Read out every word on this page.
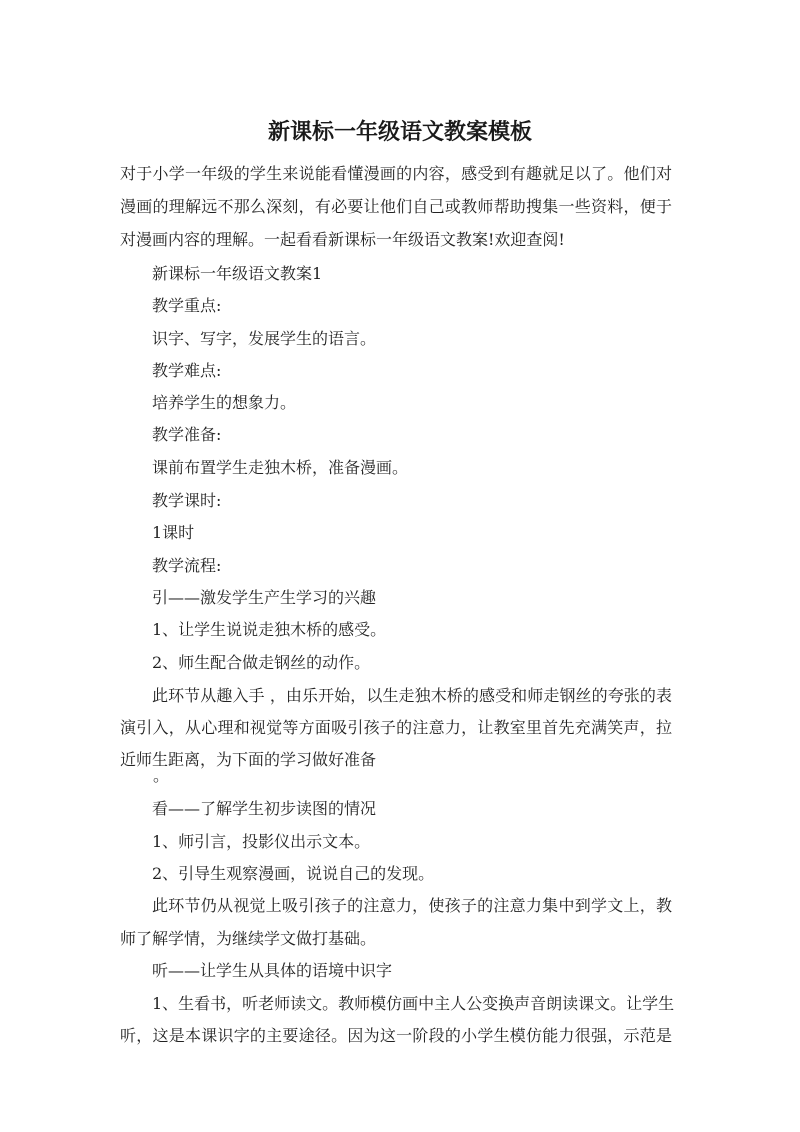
新课标一年级语文教案模板
对于小学一年级的学生来说能看懂漫画的内容，感受到有趣就足以了。他们对
漫画的理解远不那么深刻，有必要让他们自己或教师帮助搜集一些资料，便于
对漫画内容的理解。一起看看新课标一年级语文教案!欢迎查阅!
新课标一年级语文教案1
教学重点:
识字、写字，发展学生的语言。
教学难点:
培养学生的想象力。
教学准备:
课前布置学生走独木桥，准备漫画。
教学课时:
1课时
教学流程:
引——激发学生产生学习的兴趣
1、让学生说说走独木桥的感受。
2、师生配合做走钢丝的动作。
此环节从趣入手 ，由乐开始，以生走独木桥的感受和师走钢丝的夸张的表
演引入，从心理和视觉等方面吸引孩子的注意力，让教室里首先充满笑声，拉
近师生距离，为下面的学习做好准备
。
看——了解学生初步读图的情况
1、师引言，投影仪出示文本。
2、引导生观察漫画，说说自己的发现。
此环节仍从视觉上吸引孩子的注意力，使孩子的注意力集中到学文上，教
师了解学情，为继续学文做打基础。
听——让学生从具体的语境中识字
1、生看书，听老师读文。教师模仿画中主人公变换声音朗读课文。让学生
听，这是本课识字的主要途径。因为这一阶段的小学生模仿能力很强，示范是
